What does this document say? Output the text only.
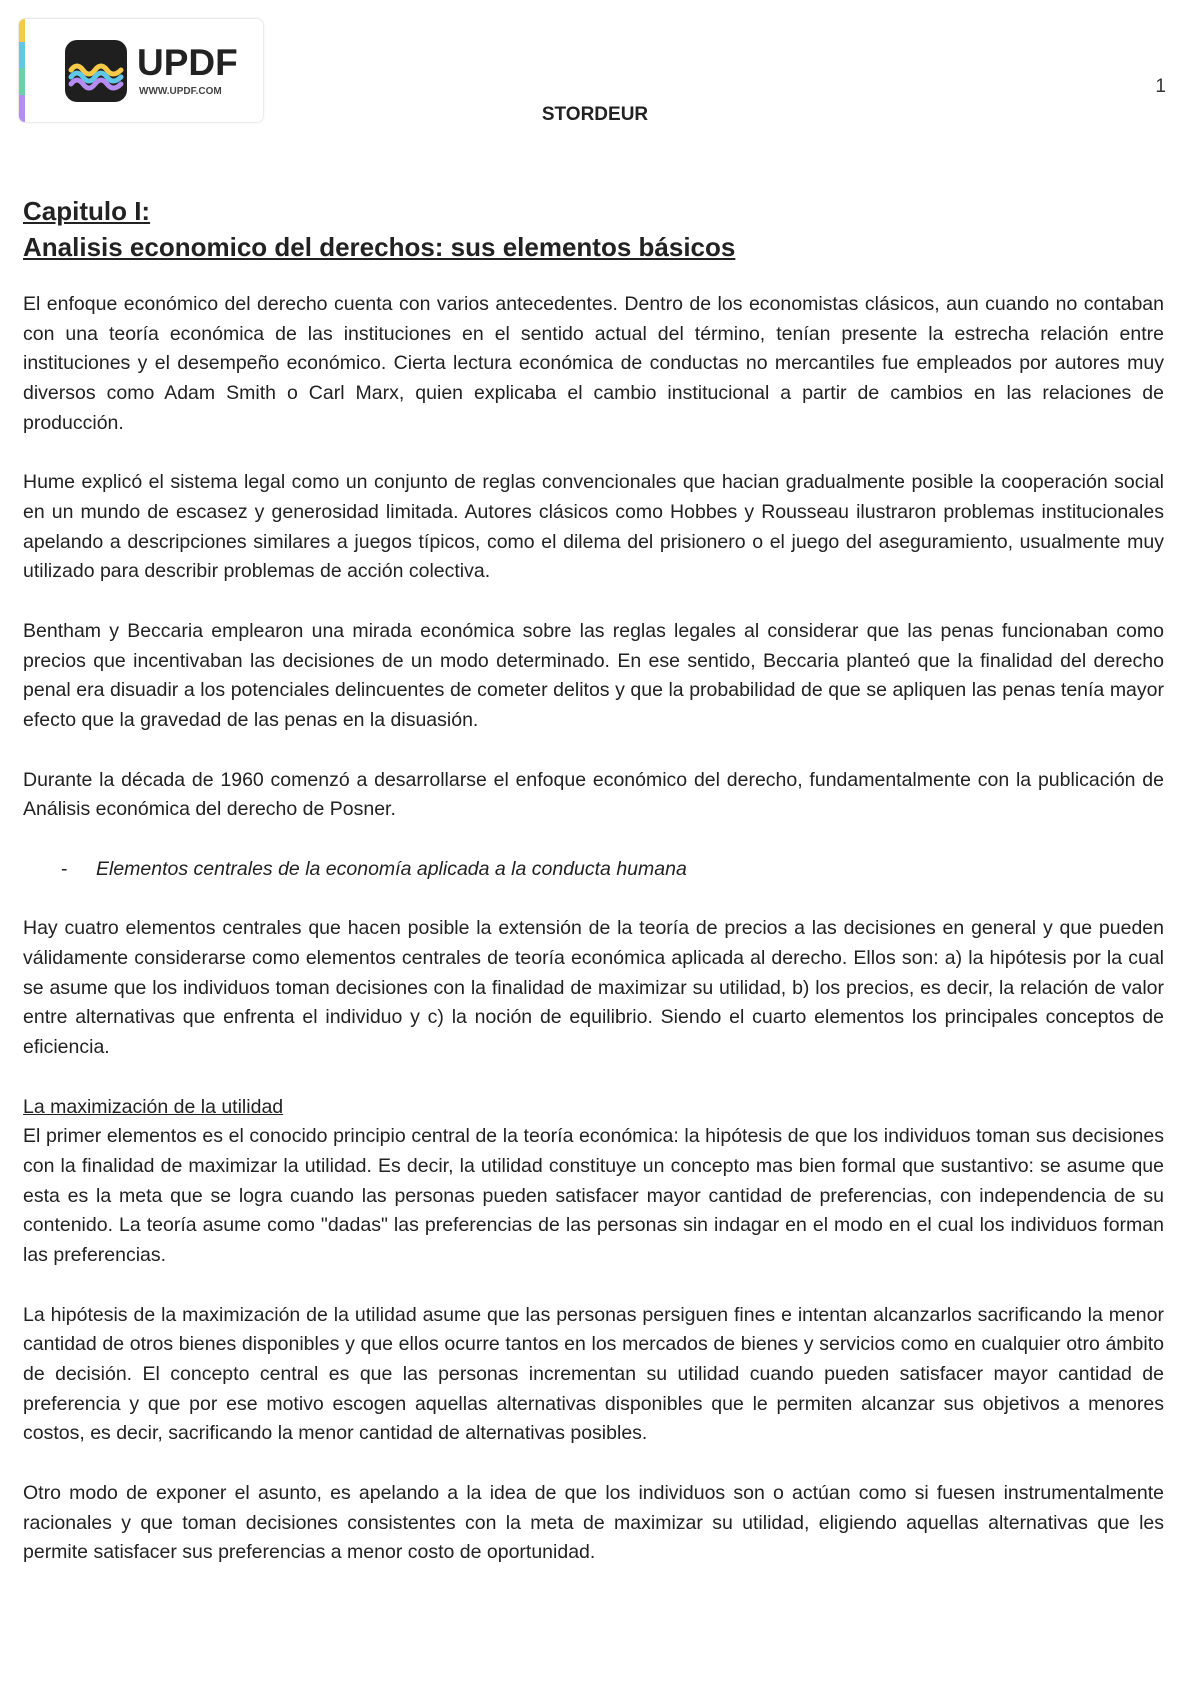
UPDF
WWW.UPDF.COM	1
STORDEUR
Capitulo I:
Analisis economico del derechos: sus elementos básicos

El enfoque económico del derecho cuenta con varios antecedentes. Dentro de los economistas clásicos, aun cuando no contaban con una teoría económica de las instituciones en el sentido actual del término, tenían presente la estrecha relación entre instituciones y el desempeño económico. Cierta lectura económica de conductas no mercantiles fue empleados por autores muy diversos como Adam Smith o Carl Marx, quien explicaba el cambio institucional a partir de cambios en las relaciones de producción.

Hume explicó el sistema legal como un conjunto de reglas convencionales que hacian gradualmente posible la cooperación social en un mundo de escasez y generosidad limitada. Autores clásicos como Hobbes y Rousseau ilustraron problemas institucionales apelando a descripciones similares a juegos típicos, como el dilema del prisionero o el juego del aseguramiento, usualmente muy utilizado para describir problemas de acción colectiva.

Bentham y Beccaria emplearon una mirada económica sobre las reglas legales al considerar que las penas funcionaban como precios que incentivaban las decisiones de un modo determinado. En ese sentido, Beccaria planteó que la finalidad del derecho penal era disuadir a los potenciales delincuentes de cometer delitos y que la probabilidad de que se apliquen las penas tenía mayor efecto que la gravedad de las penas en la disuasión.

Durante la década de 1960 comenzó a desarrollarse el enfoque económico del derecho, fundamentalmente con la publicación de Análisis económica del derecho de Posner.

-	Elementos centrales de la economía aplicada a la conducta humana

Hay cuatro elementos centrales que hacen posible la extensión de la teoría de precios a las decisiones en general y que pueden válidamente considerarse como elementos centrales de teoría económica aplicada al derecho. Ellos son: a) la hipótesis por la cual se asume que los individuos toman decisiones con la finalidad de maximizar su utilidad, b) los precios, es decir, la relación de valor entre alternativas que enfrenta el individuo y c) la noción de equilibrio. Siendo el cuarto elementos los principales conceptos de eficiencia.

La maximización de la utilidad

El primer elementos es el conocido principio central de la teoría económica: la hipótesis de que los individuos toman sus decisiones con la finalidad de maximizar la utilidad. Es decir, la utilidad constituye un concepto mas bien formal que sustantivo: se asume que esta es la meta que se logra cuando las personas pueden satisfacer mayor cantidad de preferencias, con independencia de su contenido. La teoría asume como "dadas" las preferencias de las personas sin indagar en el modo en el cual los individuos forman las preferencias.

La hipótesis de la maximización de la utilidad asume que las personas persiguen fines e intentan alcanzarlos sacrificando la menor cantidad de otros bienes disponibles y que ellos ocurre tantos en los mercados de bienes y servicios como en cualquier otro ámbito de decisión. El concepto central es que las personas incrementan su utilidad cuando pueden satisfacer mayor cantidad de preferencia y que por ese motivo escogen aquellas alternativas disponibles que le permiten alcanzar sus objetivos a menores costos, es decir, sacrificando la menor cantidad de alternativas posibles.

Otro modo de exponer el asunto, es apelando a la idea de que los individuos son o actúan como si fuesen instrumentalmente racionales y que toman decisiones consistentes con la meta de maximizar su utilidad, eligiendo aquellas alternativas que les permite satisfacer sus preferencias a menor costo de oportunidad.
